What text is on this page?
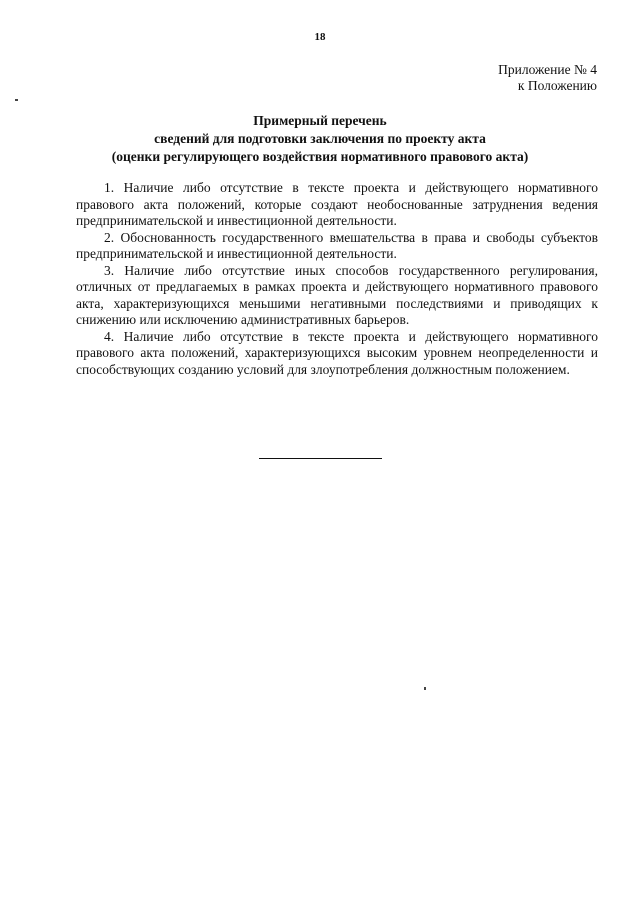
18
Приложение № 4
к Положению
Примерный перечень
сведений для подготовки заключения по проекту акта
(оценки регулирующего воздействия нормативного правового акта)

1. Наличие либо отсутствие в тексте проекта и действующего нормативного правового акта положений, которые создают необоснованные затруднения ведения предпринимательской и инвестиционной деятельности.

2. Обоснованность государственного вмешательства в права и свободы субъектов предпринимательской и инвестиционной деятельности.

3. Наличие либо отсутствие иных способов государственного регулирования, отличных от предлагаемых в рамках проекта и действующего нормативного правового акта, характеризующихся меньшими негативными последствиями и приводящих к снижению или исключению административных барьеров.

4. Наличие либо отсутствие в тексте проекта и действующего нормативного правового акта положений, характеризующихся высоким уровнем неопределенности и способствующих созданию условий для злоупотребления должностным положением.
